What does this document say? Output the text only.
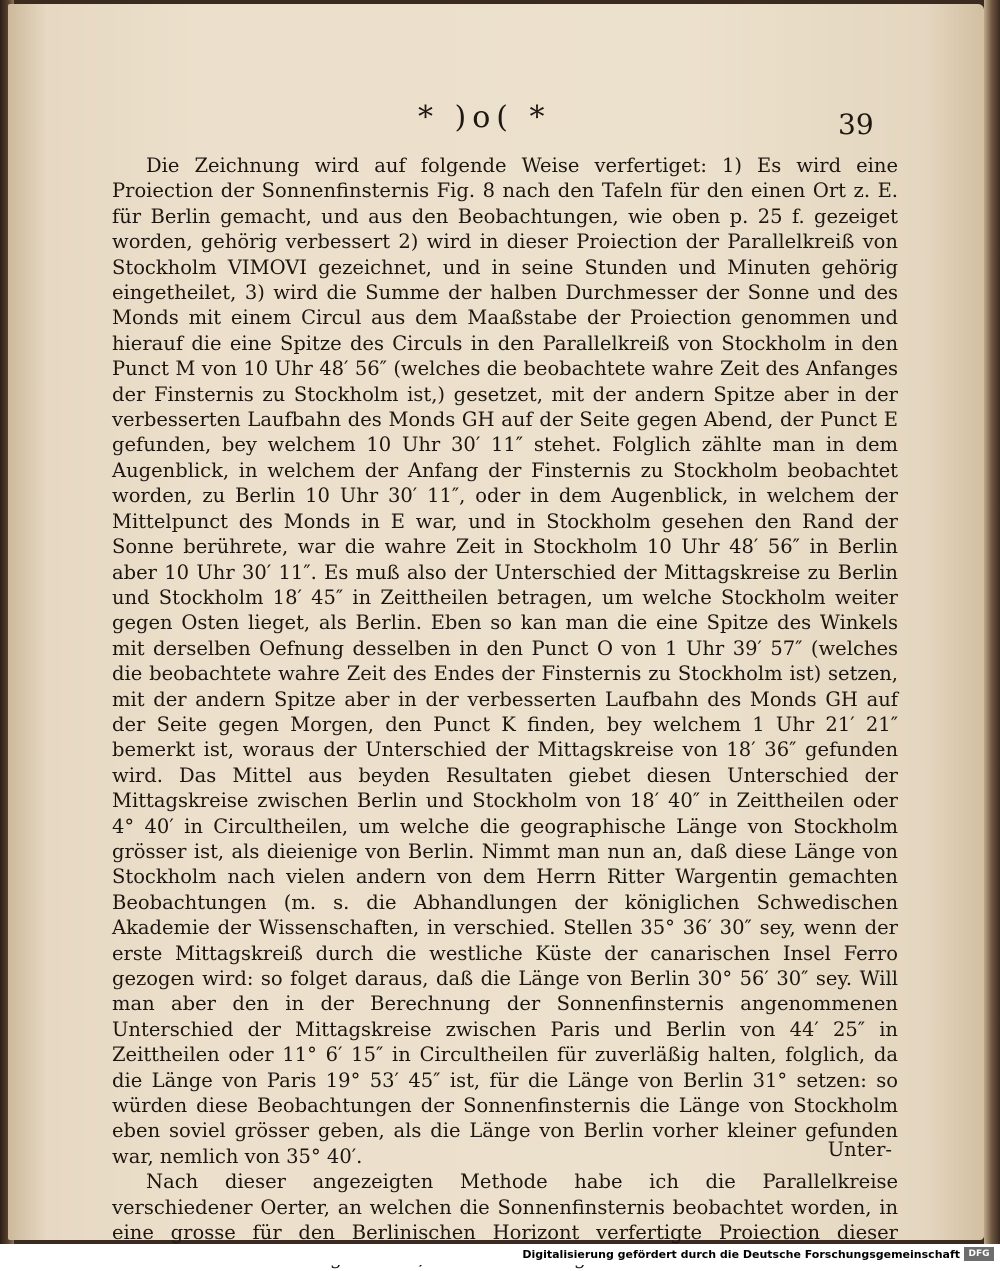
* )o( *	39

Die Zeichnung wird auf folgende Weise verfertiget: 1) Es wird eine Proiection der Sonnenfinsternis Fig. 8 nach den Tafeln für den einen Ort z. E. für Berlin gemacht, und aus den Beobachtungen, wie oben p. 25 f. gezeiget worden, gehörig verbessert 2) wird in dieser Proiection der Parallelkreiß von Stockholm VIMOVI gezeichnet, und in seine Stunden und Minuten gehörig eingetheilet, 3) wird die Summe der halben Durchmesser der Sonne und des Monds mit einem Circul aus dem Maaßstabe der Proiection genommen und hierauf die eine Spitze des Circuls in den Parallelkreiß von Stockholm in den Punct M von 10 Uhr 48′ 56″ (welches die beobachtete wahre Zeit des Anfanges der Finsternis zu Stockholm ist,) gesetzet, mit der andern Spitze aber in der verbesserten Laufbahn des Monds GH auf der Seite gegen Abend, der Punct E gefunden, bey welchem 10 Uhr 30′ 11″ stehet. Folglich zählte man in dem Augenblick, in welchem der Anfang der Finsternis zu Stockholm beobachtet worden, zu Berlin 10 Uhr 30′ 11″, oder in dem Augenblick, in welchem der Mittelpunct des Monds in E war, und in Stockholm gesehen den Rand der Sonne berührete, war die wahre Zeit in Stockholm 10 Uhr 48′ 56″ in Berlin aber 10 Uhr 30′ 11″. Es muß also der Unterschied der Mittagskreise zu Berlin und Stockholm 18′ 45″ in Zeittheilen betragen, um welche Stockholm weiter gegen Osten lieget, als Berlin. Eben so kan man die eine Spitze des Winkels mit derselben Oefnung desselben in den Punct O von 1 Uhr 39′ 57″ (welches die beobachtete wahre Zeit des Endes der Finsternis zu Stockholm ist) setzen, mit der andern Spitze aber in der verbesserten Laufbahn des Monds GH auf der Seite gegen Morgen, den Punct K finden, bey welchem 1 Uhr 21′ 21″ bemerkt ist, woraus der Unterschied der Mittagskreise von 18′ 36″ gefunden wird. Das Mittel aus beyden Resultaten giebet diesen Unterschied der Mittagskreise zwischen Berlin und Stockholm von 18′ 40″ in Zeittheilen oder 4° 40′ in Circultheilen, um welche die geographische Länge von Stockholm grösser ist, als dieienige von Berlin. Nimmt man nun an, daß diese Länge von Stockholm nach vielen andern von dem Herrn Ritter Wargentin gemachten Beobachtungen (m. s. die Abhandlungen der königlichen Schwedischen Akademie der Wissenschaften, in verschied. Stellen 35° 36′ 30″ sey, wenn der erste Mittagskreiß durch die westliche Küste der canarischen Insel Ferro gezogen wird: so folget daraus, daß die Länge von Berlin 30° 56′ 30″ sey. Will man aber den in der Berechnung der Sonnenfinsternis angenommenen Unterschied der Mittagskreise zwischen Paris und Berlin von 44′ 25″ in Zeittheilen oder 11° 6′ 15″ in Circultheilen für zuverläßig halten, folglich, da die Länge von Paris 19° 53′ 45″ ist, für die Länge von Berlin 31° setzen: so würden diese Beobachtungen der Sonnenfinsternis die Länge von Stockholm eben soviel grösser geben, als die Länge von Berlin vorher kleiner gefunden war, nemlich von 35° 40′.

Nach dieser angezeigten Methode habe ich die Parallelkreise verschiedener Oerter, an welchen die Sonnenfinsternis beobachtet worden, in eine grosse für den Berlinischen Horizont verfertigte Proiection dieser

Unter-
Digitalisierung gefördert durch die Deutsche Forschungsgemeinschaft DFG
